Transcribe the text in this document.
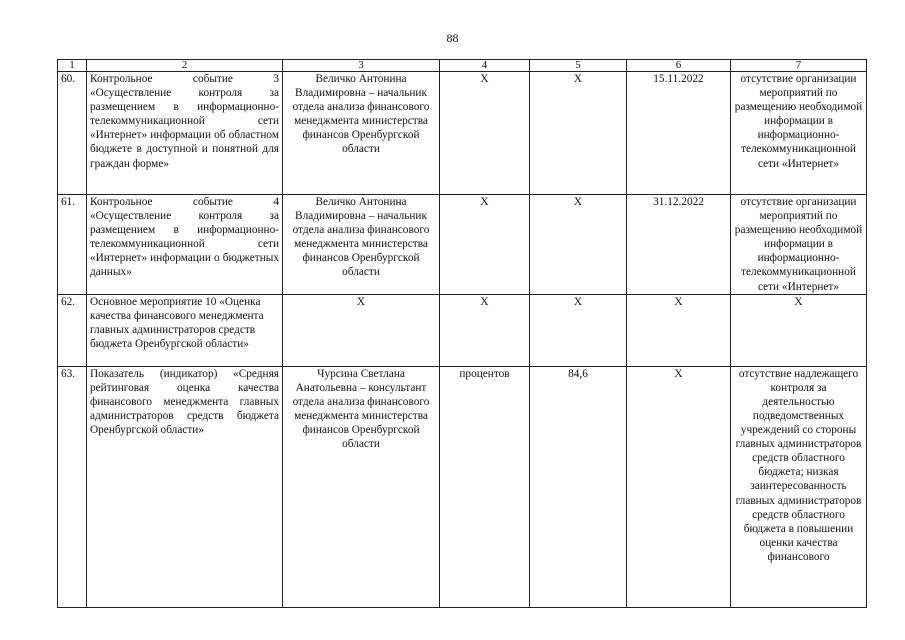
88
1	2	3	4	5	6	7
60.	Контрольное событие 3 «Осуществление контроля за размещением в информационно-телекоммуникационной сети «Интернет» информации об областном бюджете в доступной и понятной для граждан форме»	Величко Антонина Владимировна – начальник отдела анализа финансового менеджмента министерства финансов Оренбургской области	Х	Х	15.11.2022	отсутствие организации мероприятий по размещению необходимой информации в информационно-телекоммуникационной сети «Интернет»
61.	Контрольное событие 4 «Осуществление контроля за размещением в информационно-телекоммуникационной сети «Интернет» информации о бюджетных данных»	Величко Антонина Владимировна – начальник отдела анализа финансового менеджмента министерства финансов Оренбургской области	Х	Х	31.12.2022	отсутствие организации мероприятий по размещению необходимой информации в информационно-телекоммуникационной сети «Интернет»
62.	Основное мероприятие 10 «Оценка качества финансового менеджмента главных администраторов средств бюджета Оренбургской области»	Х	Х	Х	Х	Х
63.	Показатель (индикатор) «Средняя рейтинговая оценка качества финансового менеджмента главных администраторов средств бюджета Оренбургской области»	Чурсина Светлана Анатольевна – консультант отдела анализа финансового менеджмента министерства финансов Оренбургской области	процентов	84,6	Х	отсутствие надлежащего контроля за деятельностью подведомственных учреждений со стороны главных администраторов средств областного бюджета; низкая заинтересованность главных администраторов средств областного бюджета в повышении оценки качества финансового
